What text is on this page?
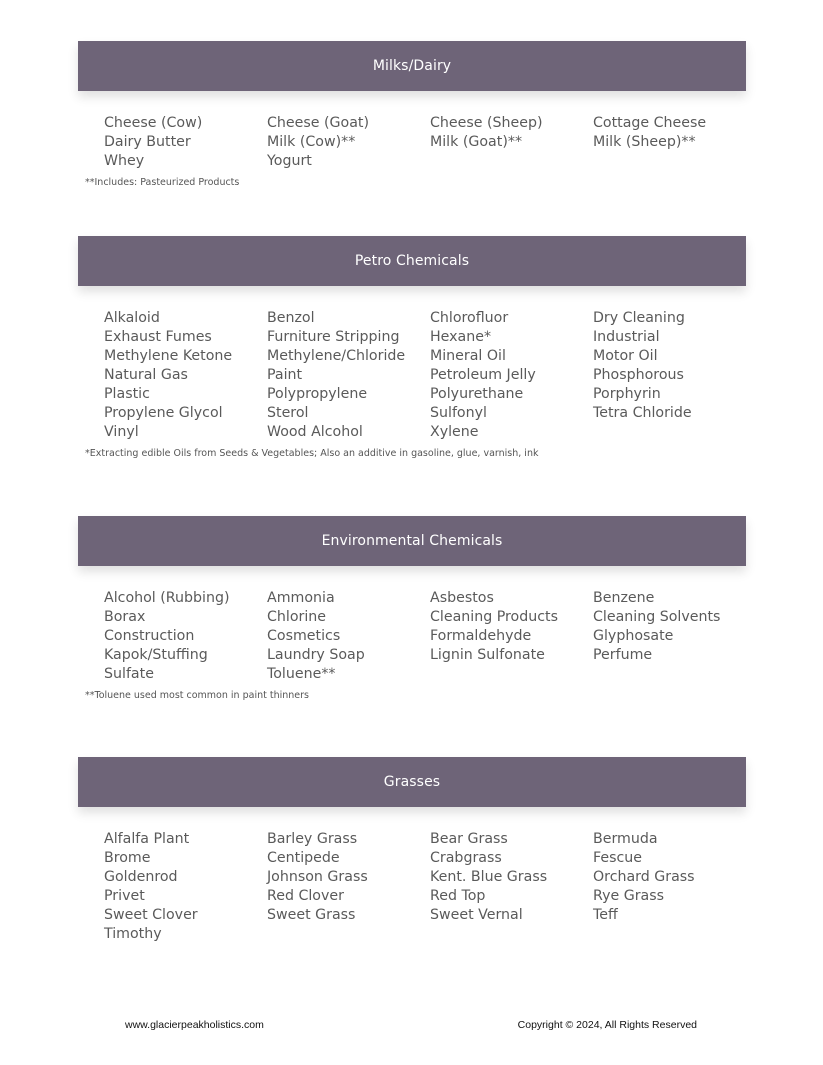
Milks/Dairy
Cheese (Cow)	Cheese (Goat)	Cheese (Sheep)	Cottage Cheese
Dairy Butter	Milk (Cow)**	Milk (Goat)**	Milk (Sheep)**
Whey	Yogurt
**Includes: Pasteurized Products
Petro Chemicals
Alkaloid	Benzol	Chlorofluor	Dry Cleaning
Exhaust Fumes	Furniture Stripping	Hexane*	Industrial
Methylene Ketone	Methylene/Chloride	Mineral Oil	Motor Oil
Natural Gas	Paint	Petroleum Jelly	Phosphorous
Plastic	Polypropylene	Polyurethane	Porphyrin
Propylene Glycol	Sterol	Sulfonyl	Tetra Chloride
Vinyl	Wood Alcohol	Xylene
*Extracting edible Oils from Seeds & Vegetables; Also an additive in gasoline, glue, varnish, ink
Environmental Chemicals
Alcohol (Rubbing)	Ammonia	Asbestos	Benzene
Borax	Chlorine	Cleaning Products	Cleaning Solvents
Construction	Cosmetics	Formaldehyde	Glyphosate
Kapok/Stuffing	Laundry Soap	Lignin Sulfonate	Perfume
Sulfate	Toluene**
**Toluene used most common in paint thinners
Grasses
Alfalfa Plant	Barley Grass	Bear Grass	Bermuda
Brome	Centipede	Crabgrass	Fescue
Goldenrod	Johnson Grass	Kent. Blue Grass	Orchard Grass
Privet	Red Clover	Red Top	Rye Grass
Sweet Clover	Sweet Grass	Sweet Vernal	Teff
Timothy
www.glacierpeakholistics.com	Copyright © 2024, All Rights Reserved
